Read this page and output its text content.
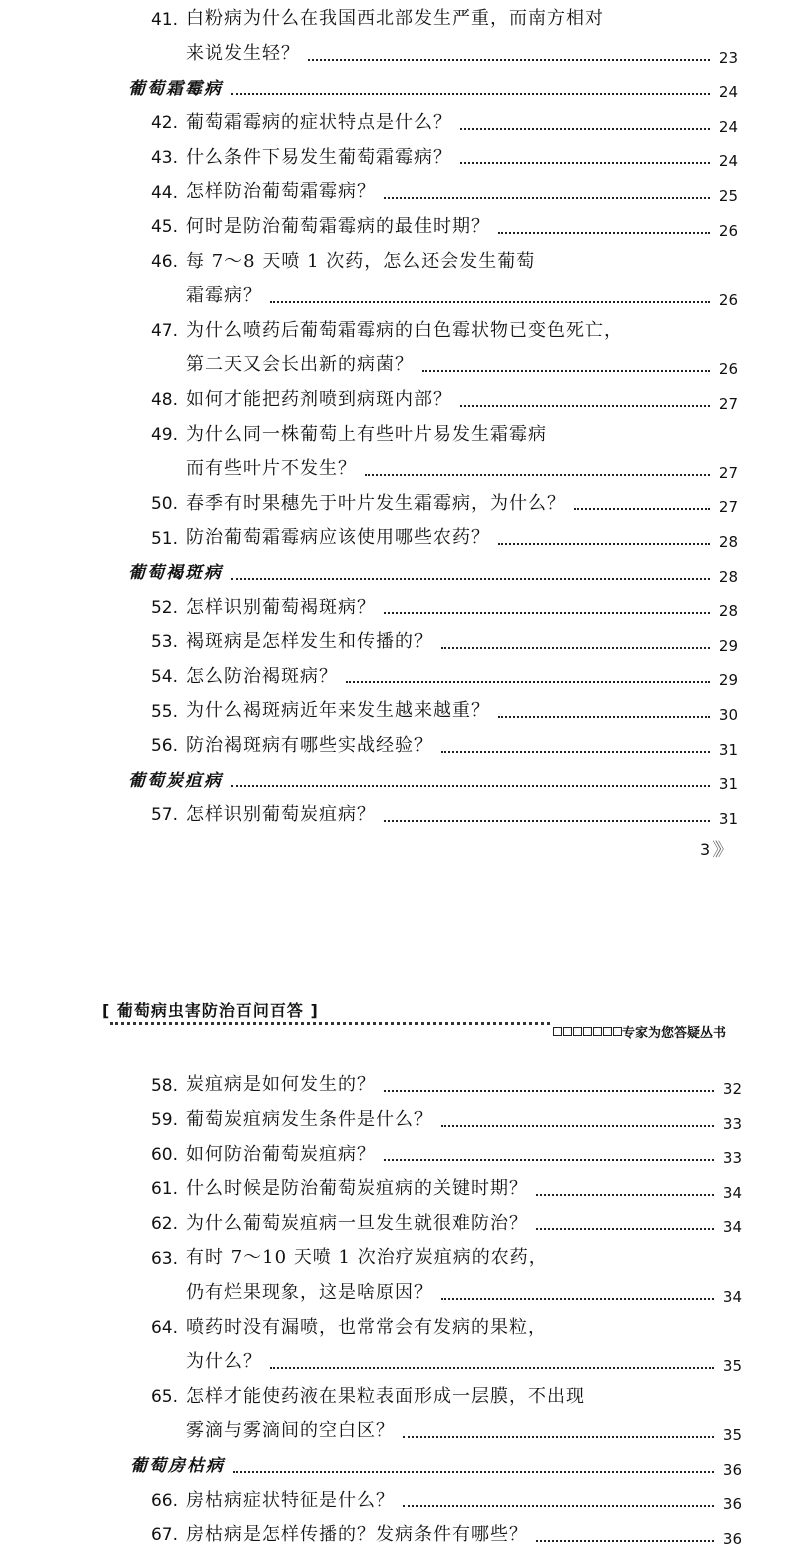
41. 白粉病为什么在我国西北部发生严重，而南方相对
来说发生轻？	23
葡萄霜霉病	24
42. 葡萄霜霉病的症状特点是什么？	24
43. 什么条件下易发生葡萄霜霉病？	24
44. 怎样防治葡萄霜霉病？	25
45. 何时是防治葡萄霜霉病的最佳时期？	26
46. 每 7～8 天喷 1 次药，怎么还会发生葡萄
霜霉病？	26
47. 为什么喷药后葡萄霜霉病的白色霉状物已变色死亡，
第二天又会长出新的病菌？	26
48. 如何才能把药剂喷到病斑内部？	27
49. 为什么同一株葡萄上有些叶片易发生霜霉病
而有些叶片不发生？	27
50. 春季有时果穗先于叶片发生霜霉病，为什么？	27
51. 防治葡萄霜霉病应该使用哪些农药？	28
葡萄褐斑病	28
52. 怎样识别葡萄褐斑病？	28
53. 褐斑病是怎样发生和传播的？	29
54. 怎么防治褐斑病？	29
55. 为什么褐斑病近年来发生越来越重？	30
56. 防治褐斑病有哪些实战经验？	31
葡萄炭疽病	31
57. 怎样识别葡萄炭疽病？	31
3 》》
58. 炭疽病是如何发生的？	32
59. 葡萄炭疽病发生条件是什么？	33
60. 如何防治葡萄炭疽病？	33
61. 什么时候是防治葡萄炭疽病的关键时期？	34
62. 为什么葡萄炭疽病一旦发生就很难防治？	34
63. 有时 7～10 天喷 1 次治疗炭疽病的农药，
仍有烂果现象，这是啥原因？	34
64. 喷药时没有漏喷，也常常会有发病的果粒，
为什么？	35
65. 怎样才能使药液在果粒表面形成一层膜，不出现
雾滴与雾滴间的空白区？	35
葡萄房枯病	36
66. 房枯病症状特征是什么？	36
67. 房枯病是怎样传播的？发病条件有哪些？	36
[ 葡萄病虫害防治百问百答 ]
专家为您答疑丛书
